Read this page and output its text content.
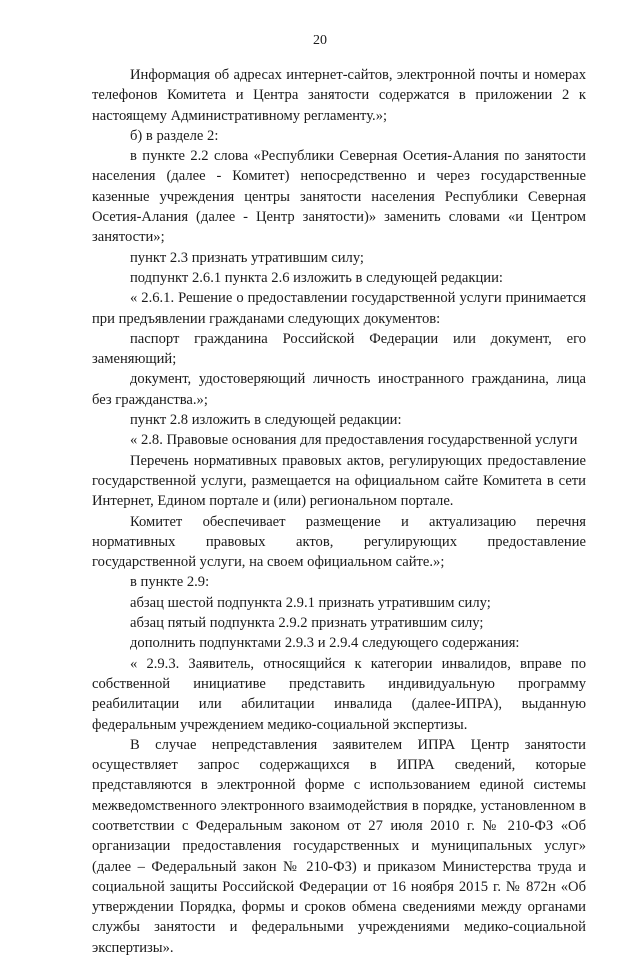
20

Информация об адресах интернет-сайтов, электронной почты и номерах телефонов Комитета и Центра занятости содержатся в приложении 2 к настоящему Административному регламенту.»;

б) в разделе 2:

в пункте 2.2 слова «Республики Северная Осетия-Алания по занятости населения (далее - Комитет) непосредственно и через государственные казенные учреждения центры занятости населения Республики Северная Осетия-Алания (далее - Центр занятости)» заменить словами «и Центром занятости»;

пункт 2.3 признать утратившим силу;

подпункт 2.6.1 пункта 2.6 изложить в следующей редакции:

« 2.6.1. Решение о предоставлении государственной услуги принимается при предъявлении гражданами следующих документов:

паспорт гражданина Российской Федерации или документ, его заменяющий;

документ, удостоверяющий личность иностранного гражданина, лица без гражданства.»;

пункт 2.8 изложить в следующей редакции:

« 2.8. Правовые основания для предоставления государственной услуги

Перечень нормативных правовых актов, регулирующих предоставление государственной услуги, размещается на официальном сайте Комитета в сети Интернет, Едином портале и (или) региональном портале.

Комитет обеспечивает размещение и актуализацию перечня нормативных правовых актов, регулирующих предоставление государственной услуги, на своем официальном сайте.»;

в пункте 2.9:

абзац шестой подпункта 2.9.1 признать утратившим силу;

абзац пятый подпункта 2.9.2 признать утратившим силу;

дополнить подпунктами 2.9.3 и 2.9.4 следующего содержания:

« 2.9.3. Заявитель, относящийся к категории инвалидов, вправе по собственной инициативе представить индивидуальную программу реабилитации или абилитации инвалида (далее-ИПРА), выданную федеральным учреждением медико-социальной экспертизы.

В случае непредставления заявителем ИПРА Центр занятости осуществляет запрос содержащихся в ИПРА сведений, которые представляются в электронной форме с использованием единой системы межведомственного электронного взаимодействия в порядке, установленном в соответствии с Федеральным законом от 27 июля 2010 г. № 210-ФЗ «Об организации предоставления государственных и муниципальных услуг» (далее – Федеральный закон № 210-ФЗ) и приказом Министерства труда и социальной защиты Российской Федерации от 16 ноября 2015 г. № 872н «Об утверждении Порядка, формы и сроков обмена сведениями между органами службы занятости и федеральными учреждениями медико-социальной экспертизы».
